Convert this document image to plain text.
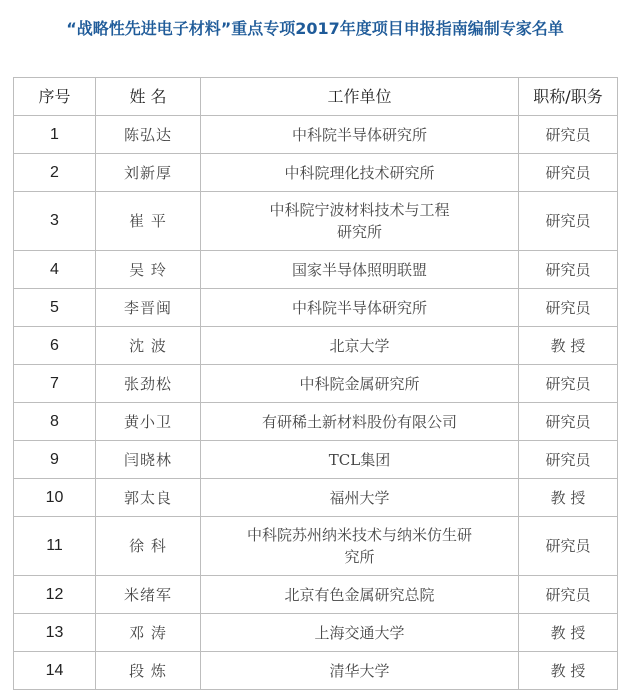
“战略性先进电子材料”重点专项2017年度项目申报指南编制专家名单
序号	姓 名	工作单位	职称/职务
1	陈弘达	中科院半导体研究所	研究员
2	刘新厚	中科院理化技术研究所	研究员
3	崔 平	中科院宁波材料技术与工程
研究所	研究员
4	吴 玲	国家半导体照明联盟	研究员
5	李晋闽	中科院半导体研究所	研究员
6	沈 波	北京大学	教 授
7	张劲松	中科院金属研究所	研究员
8	黄小卫	有研稀土新材料股份有限公司	研究员
9	闫晓林	TCL集团	研究员
10	郭太良	福州大学	教 授
11	徐 科	中科院苏州纳米技术与纳米仿生研
究所	研究员
12	米绪军	北京有色金属研究总院	研究员
13	邓 涛	上海交通大学	教 授
14	段 炼	清华大学	教 授
